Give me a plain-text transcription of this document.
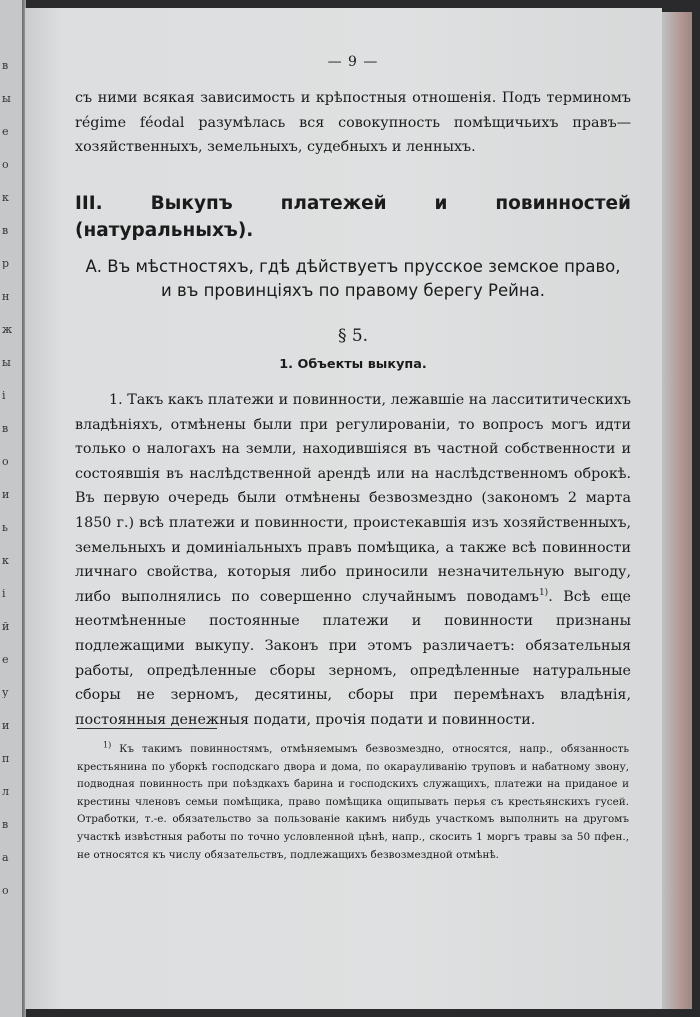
в
ы
е
о
к
в
р
н
ж
ы
і
в
о
и
ь
к
і
й
е
у
и
п
л
в
а
о
— 9 —
съ ними всякая зависимость и крѣпостныя отношенія. Подъ терминомъ régime féodal разумѣлась вся совокупность помѣщичьихъ правъ—хозяйственныхъ, земельныхъ, судебныхъ и ленныхъ.
III. Выкупъ платежей и повинностей (натуральныхъ).
А. Въ мѣстностяхъ, гдѣ дѣйствуетъ прусское земское право,
и въ провинціяхъ по правому берегу Рейна.
§ 5.
1. Объекты выкупа.
1. Такъ какъ платежи и повинности, лежавшіе на лассититическихъ владѣніяхъ, отмѣнены были при регулированіи, то вопросъ могъ идти только о налогахъ на земли, находившіяся въ частной собственности и состоявшія въ наслѣдственной арендѣ или на наслѣдственномъ оброкѣ. Въ первую очередь были отмѣнены безвозмездно (закономъ 2 марта 1850 г.) всѣ платежи и повинности, проистекавшія изъ хозяйственныхъ, земельныхъ и доминіальныхъ правъ помѣщика, а также всѣ повинности личнаго свойства, которыя либо приносили незначительную выгоду, либо выполнялись по совершенно случайнымъ поводамъ$^{1)}$. Всѣ еще неотмѣненные постоянные платежи и повинности признаны подлежащими выкупу. Законъ при этомъ различаетъ: обязательныя работы, опредѣленные сборы зерномъ, опредѣленные натуральные сборы не зерномъ, десятины, сборы при перемѣнахъ владѣнія, постоянныя денежныя подати, прочія подати и повинности.
$^{1)}$ Къ такимъ повинностямъ, отмѣняемымъ безвозмездно, относятся, напр., обязанность крестьянина по уборкѣ господскаго двора и дома, по окарауливанію труповъ и набатному звону, подводная повинность при поѣздкахъ барина и господскихъ служащихъ, платежи на приданое и крестины членовъ семьи помѣщика, право помѣщика ощипывать перья съ крестьянскихъ гусей. Отработки, т.-е. обязательство за пользованіе какимъ нибудь участкомъ выполнить на другомъ участкѣ извѣстныя работы по точно условленной цѣнѣ, напр., скосить 1 моргъ травы за 50 пфен., не относятся къ числу обязательствъ, подлежащихъ безвозмездной отмѣнѣ.
